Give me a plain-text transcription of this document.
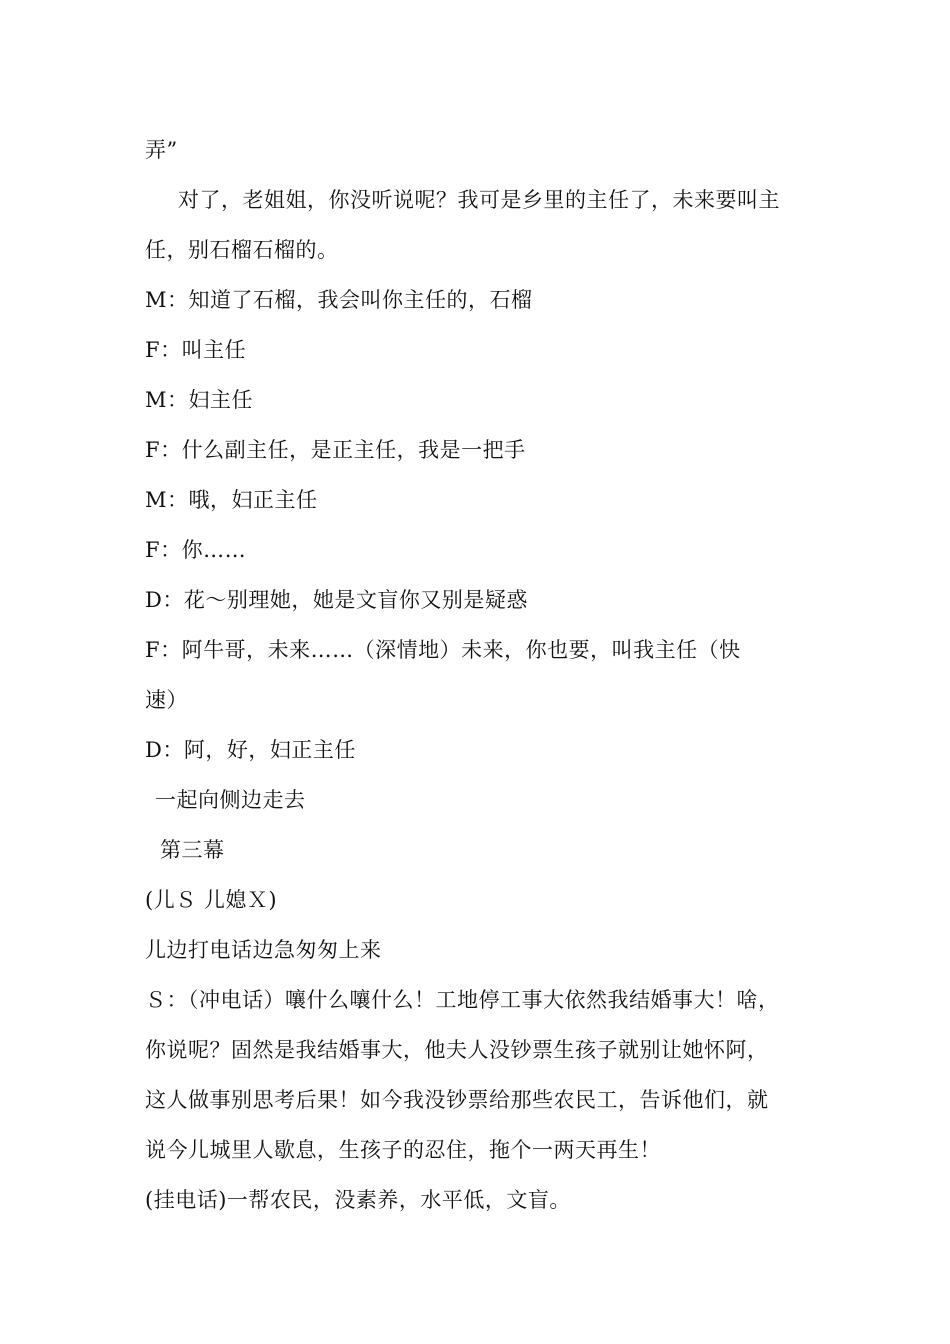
弄”
对了，老姐姐，你没听说呢？我可是乡里的主任了，未来要叫主
任，别石榴石榴的。
M：知道了石榴，我会叫你主任的，石榴
F：叫主任
M：妇主任
F：什么副主任，是正主任，我是一把手
M：哦，妇正主任
F：你……
D：花～别理她，她是文盲你又别是疑惑
F：阿牛哥，未来……（深情地）未来，你也要，叫我主任（快
速）
D：阿，好，妇正主任
一起向侧边走去
第三幕
(儿Ｓ 儿媳Ｘ)
儿边打电话边急匆匆上来
Ｓ：（冲电话）嚷什么嚷什么！工地停工事大依然我结婚事大！啥，
你说呢？固然是我结婚事大，他夫人没钞票生孩子就别让她怀阿，
这人做事别思考后果！如今我没钞票给那些农民工，告诉他们，就
说今儿城里人歇息，生孩子的忍住，拖个一两天再生！
(挂电话)一帮农民，没素养，水平低，文盲。
